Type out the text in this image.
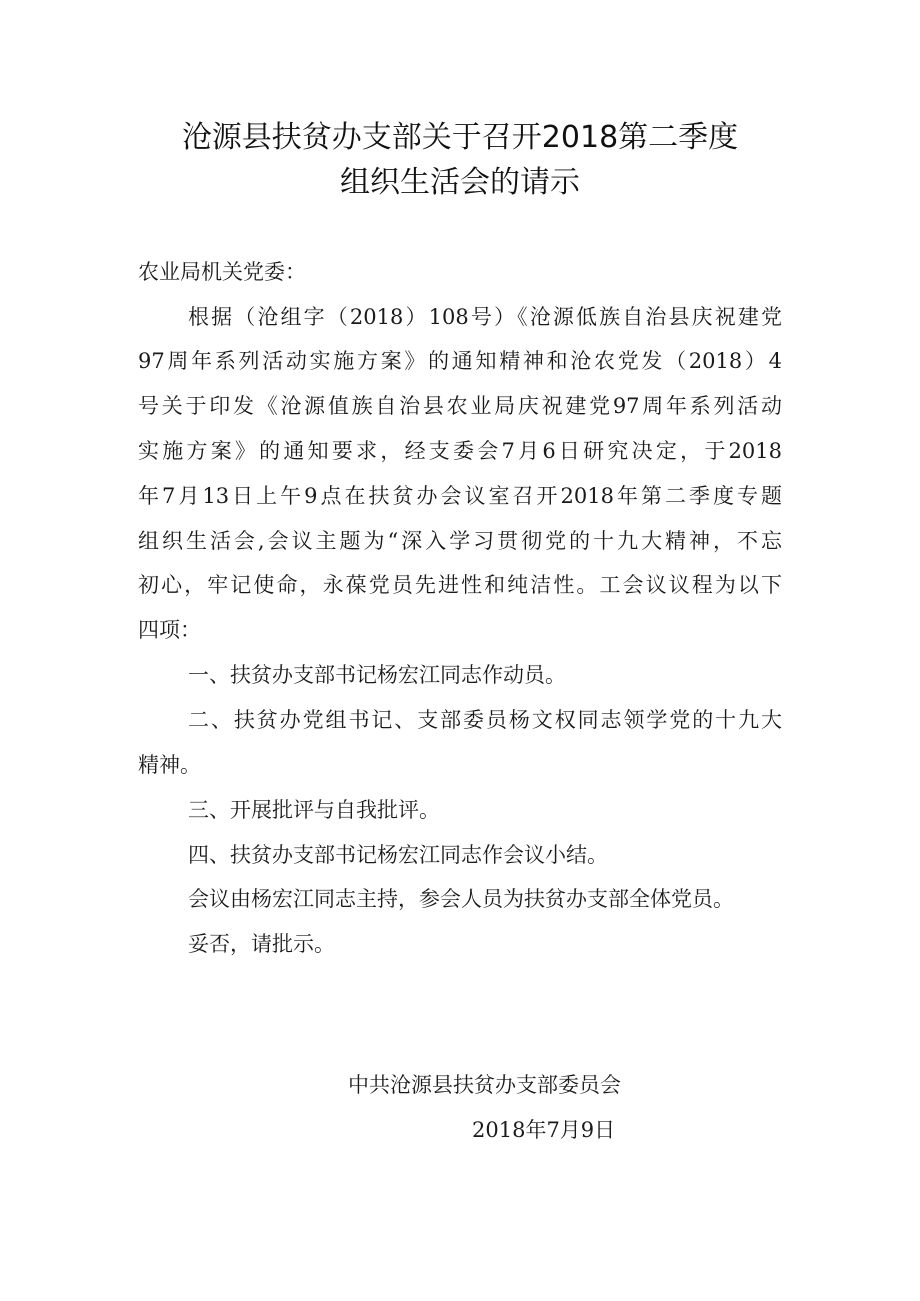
沧源县扶贫办支部关于召开2018第二季度
组织生活会的请示
农业局机关党委：
根据（沧组字（2018）108号）《沧源低族自治县庆祝建党
97周年系列活动实施方案》的通知精神和沧农党发（2018）4
号关于印发《沧源值族自治县农业局庆祝建党97周年系列活动
实施方案》的通知要求，经支委会7月6日研究决定，于2018
年7月13日上午9点在扶贫办会议室召开2018年第二季度专题
组织生活会,会议主题为“深入学习贯彻党的十九大精神，不忘
初心，牢记使命，永葆党员先进性和纯洁性。工会议议程为以下
四项：
一、扶贫办支部书记杨宏江同志作动员。
二、扶贫办党组书记、支部委员杨文权同志领学党的十九大
精神。
三、开展批评与自我批评。
四、扶贫办支部书记杨宏江同志作会议小结。
会议由杨宏江同志主持，参会人员为扶贫办支部全体党员。
妥否，请批示。
中共沧源县扶贫办支部委员会
2018年7月9日
